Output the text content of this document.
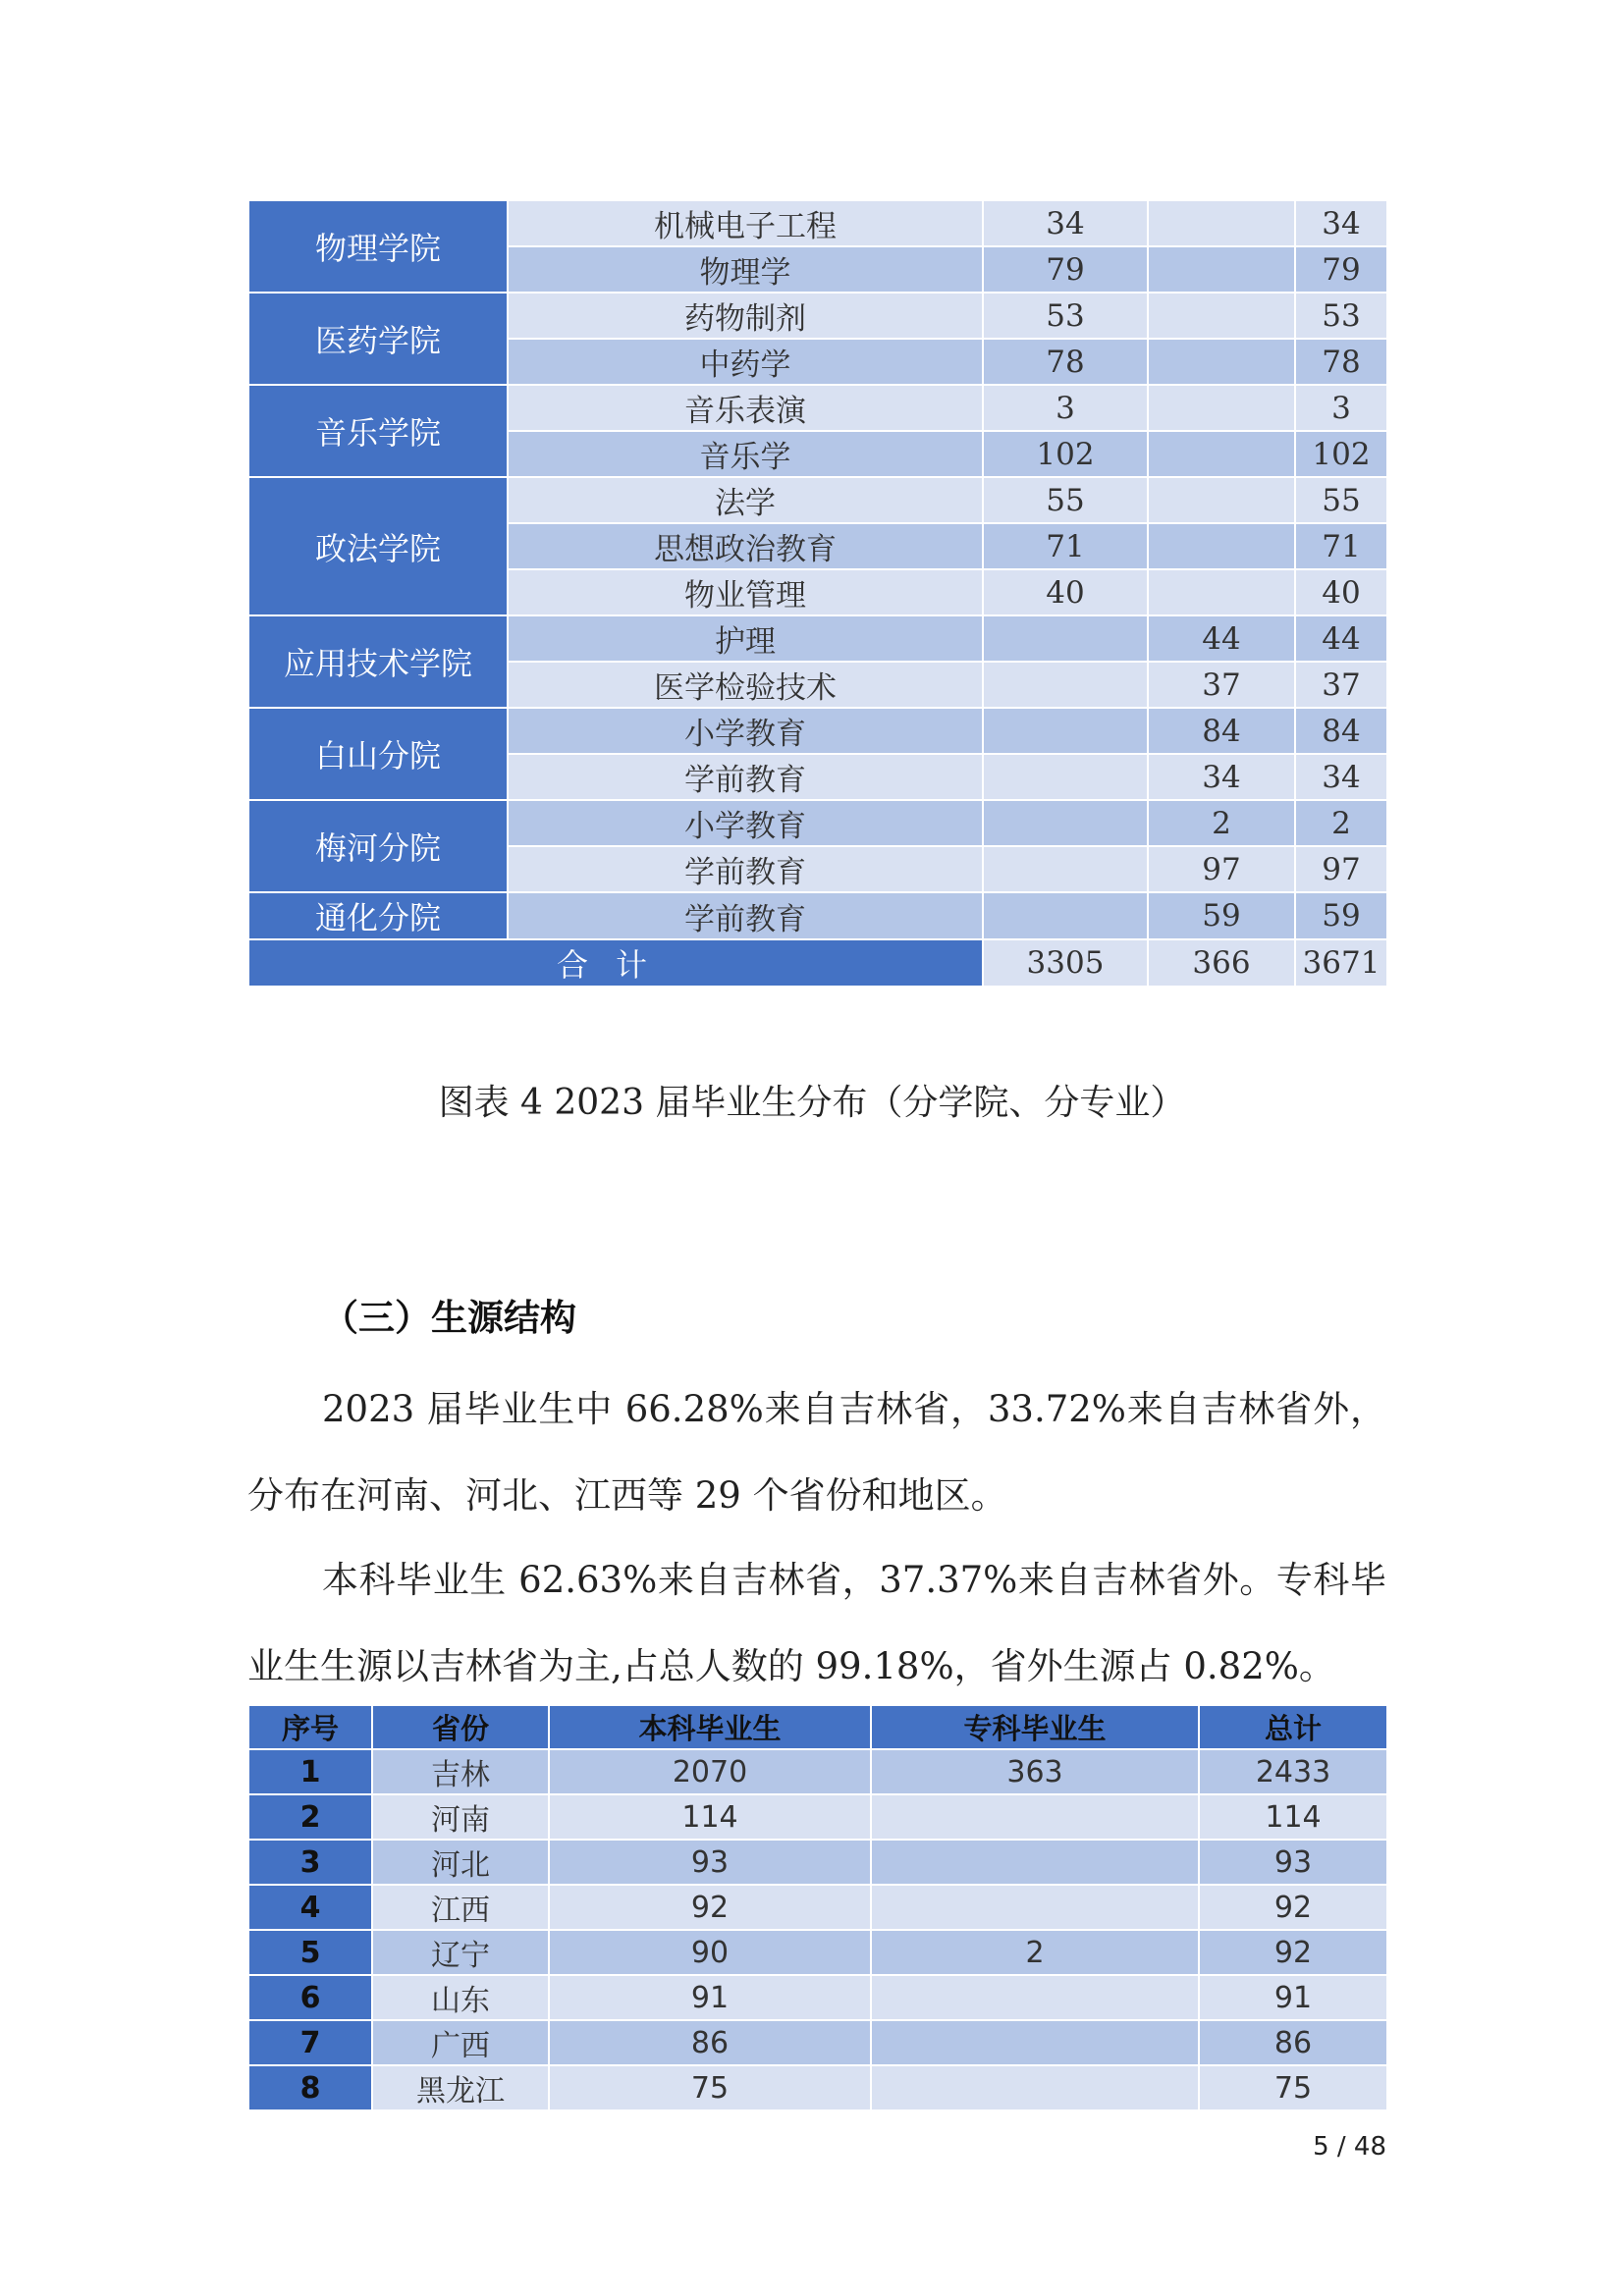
物理学院	机械电子工程	34		34
	物理学	79		79
医药学院	药物制剂	53		53
	中药学	78		78
音乐学院	音乐表演	3		3
	音乐学	102		102
政法学院	法学	55		55
	思想政治教育	71		71
	物业管理	40		40
应用技术学院	护理		44	44
	医学检验技术		37	37
白山分院	小学教育		84	84
	学前教育		34	34
梅河分院	小学教育		2	2
	学前教育		97	97
通化分院	学前教育		59	59
合计		3305	366	3671
图表 4 2023 届毕业生分布（分学院、分专业）
（三）生源结构

2023 届毕业生中 66.28%来自吉林省，33.72%来自吉林省外，分布在河南、河北、江西等 29 个省份和地区。

本科毕业生 62.63%来自吉林省，37.37%来自吉林省外。专科毕业生生源以吉林省为主,占总人数的 99.18%，省外生源占 0.82%。

序号	省份	本科毕业生	专科毕业生	总计
1	吉林	2070	363	2433
2	河南	114		114
3	河北	93		93
4	江西	92		92
5	辽宁	90	2	92
6	山东	91		91
7	广西	86		86
8	黑龙江	75		75
5 / 48
